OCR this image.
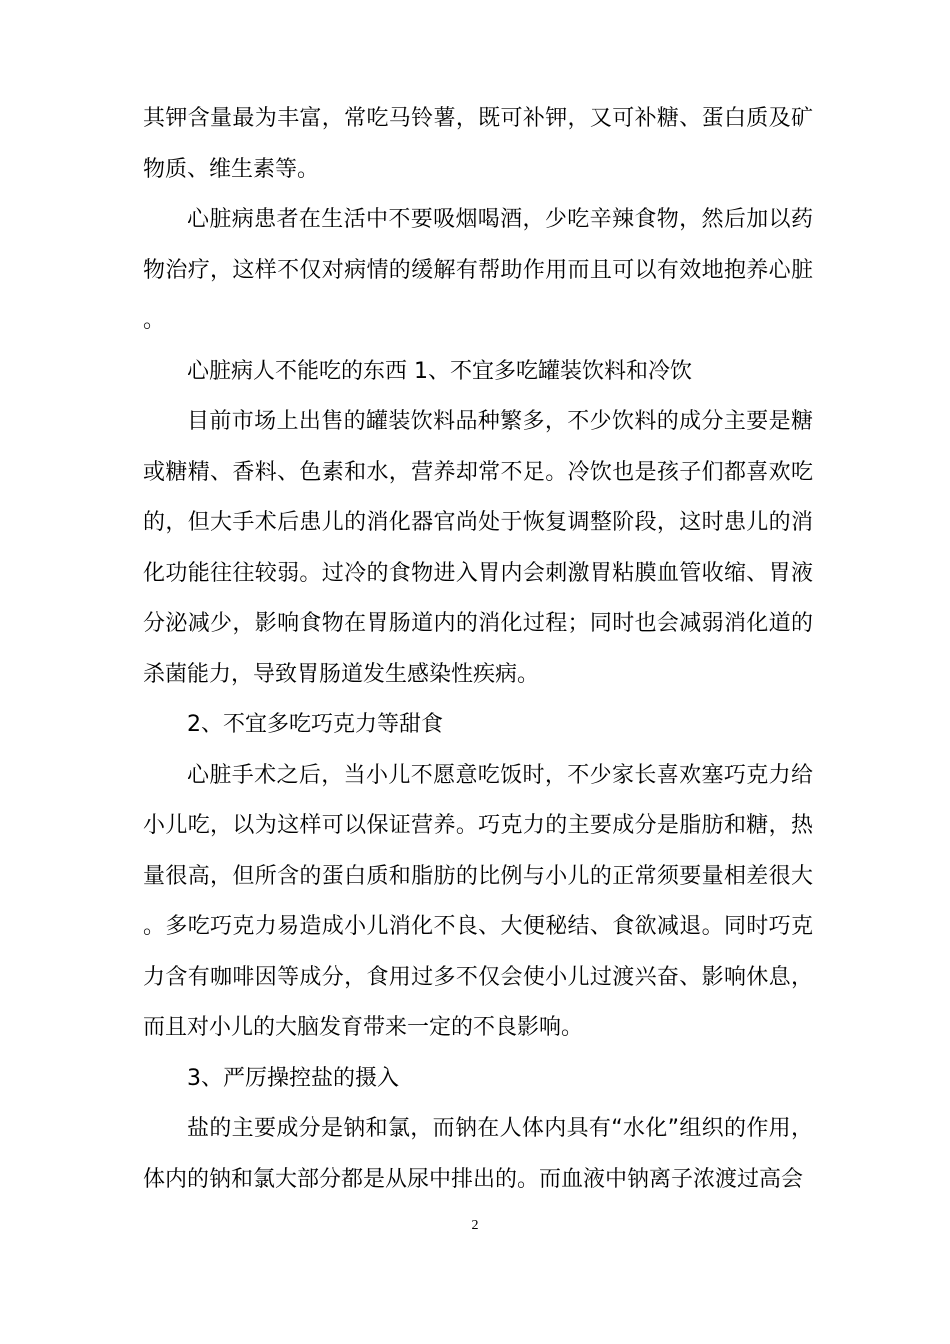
其钾含量最为丰富，常吃马铃薯，既可补钾，又可补糖、蛋白质及矿物质、维生素等。

心脏病患者在生活中不要吸烟喝酒，少吃辛辣食物，然后加以药物治疗，这样不仅对病情的缓解有帮助作用而且可以有效地抱养心脏。

心脏病人不能吃的东西 1、不宜多吃罐装饮料和冷饮

目前市场上出售的罐装饮料品种繁多，不少饮料的成分主要是糖或糖精、香料、色素和水，营养却常不足。冷饮也是孩子们都喜欢吃的，但大手术后患儿的消化器官尚处于恢复调整阶段，这时患儿的消化功能往往较弱。过冷的食物进入胃内会刺激胃粘膜血管收缩、胃液分泌减少，影响食物在胃肠道内的消化过程；同时也会减弱消化道的杀菌能力，导致胃肠道发生感染性疾病。

2、不宜多吃巧克力等甜食

心脏手术之后，当小儿不愿意吃饭时，不少家长喜欢塞巧克力给小儿吃，以为这样可以保证营养。巧克力的主要成分是脂肪和糖，热量很高，但所含的蛋白质和脂肪的比例与小儿的正常须要量相差很大。多吃巧克力易造成小儿消化不良、大便秘结、食欲减退。同时巧克力含有咖啡因等成分，食用过多不仅会使小儿过渡兴奋、影响休息，而且对小儿的大脑发育带来一定的不良影响。

3、严厉操控盐的摄入

盐的主要成分是钠和氯，而钠在人体内具有“水化”组织的作用，体内的钠和氯大部分都是从尿中排出的。而血液中钠离子浓渡过高会

2
